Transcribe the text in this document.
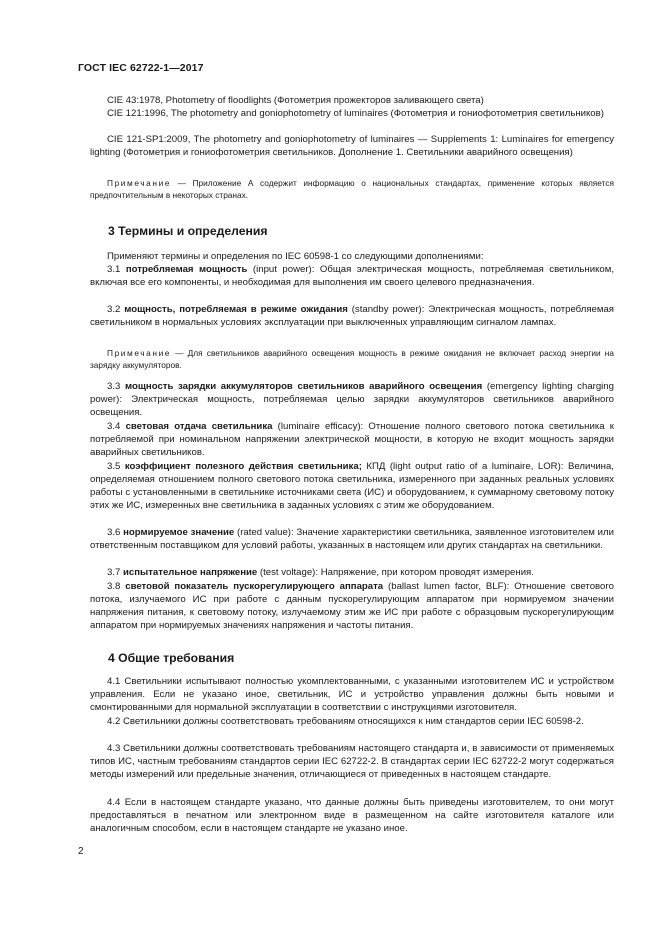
ГОСТ IEC 62722-1—2017
CIE 43:1978, Photometry of floodlights (Фотометрия прожекторов заливающего света)
CIE 121:1996, The photometry and goniophotometry of luminaires (Фотометрия и гониофотометрия светильников)
CIE 121-SP1:2009, The photometry and goniophotometry of luminaires — Supplements 1: Luminaires for emergency lighting (Фотометрия и гониофотометрия светильников. Дополнение 1. Светильники аварийного освещения)
Примечание — Приложение А содержит информацию о национальных стандартах, применение которых является предпочтительным в некоторых странах.
3 Термины и определения
Применяют термины и определения по IEC 60598-1 со следующими дополнениями:
3.1 потребляемая мощность (input power): Общая электрическая мощность, потребляемая светильником, включая все его компоненты, и необходимая для выполнения им своего целевого предназначения.
3.2 мощность, потребляемая в режиме ожидания (standby power): Электрическая мощность, потребляемая светильником в нормальных условиях эксплуатации при выключенных управляющим сигналом лампах.
Примечание — Для светильников аварийного освещения мощность в режиме ожидания не включает расход энергии на зарядку аккумуляторов.
3.3 мощность зарядки аккумуляторов светильников аварийного освещения (emergency lighting charging power): Электрическая мощность, потребляемая целью зарядки аккумуляторов светильников аварийного освещения.
3.4 световая отдача светильника (luminaire efficacy): Отношение полного светового потока светильника к потребляемой при номинальном напряжении электрической мощности, в которую не входит мощность зарядки аварийных светильников.
3.5 коэффициент полезного действия светильника; КПД (light output ratio of a luminaire, LOR): Величина, определяемая отношением полного светового потока светильника, измеренного при заданных реальных условиях работы с установленными в светильнике источниками света (ИС) и оборудованием, к суммарному световому потоку этих же ИС, измеренных вне светильника в заданных условиях с этим же оборудованием.
3.6 нормируемое значение (rated value): Значение характеристики светильника, заявленное изготовителем или ответственным поставщиком для условий работы, указанных в настоящем или других стандартах на светильники.
3.7 испытательное напряжение (test voltage): Напряжение, при котором проводят измерения.
3.8 световой показатель пускорегулирующего аппарата (ballast lumen factor, BLF): Отношение светового потока, излучаемого ИС при работе с данным пускорегулирующим аппаратом при нормируемом значении напряжения питания, к световому потоку, излучаемому этим же ИС при работе с образцовым пускорегулирующим аппаратом при нормируемых значениях напряжения и частоты питания.
4 Общие требования
4.1 Светильники испытывают полностью укомплектованными, с указанными изготовителем ИС и устройством управления. Если не указано иное, светильник, ИС и устройство управления должны быть новыми и смонтированными для нормальной эксплуатации в соответствии с инструкциями изготовителя.
4.2 Светильники должны соответствовать требованиям относящихся к ним стандартов серии IEC 60598-2.
4.3 Светильники должны соответствовать требованиям настоящего стандарта и, в зависимости от применяемых типов ИС, частным требованиям стандартов серии IEC 62722-2. В стандартах серии IEC 62722-2 могут содержаться методы измерений или предельные значения, отличающиеся от приведенных в настоящем стандарте.
4.4 Если в настоящем стандарте указано, что данные должны быть приведены изготовителем, то они могут предоставляться в печатном или электронном виде в размещенном на сайте изготовителя каталоге или аналогичным способом, если в настоящем стандарте не указано иное.
2
